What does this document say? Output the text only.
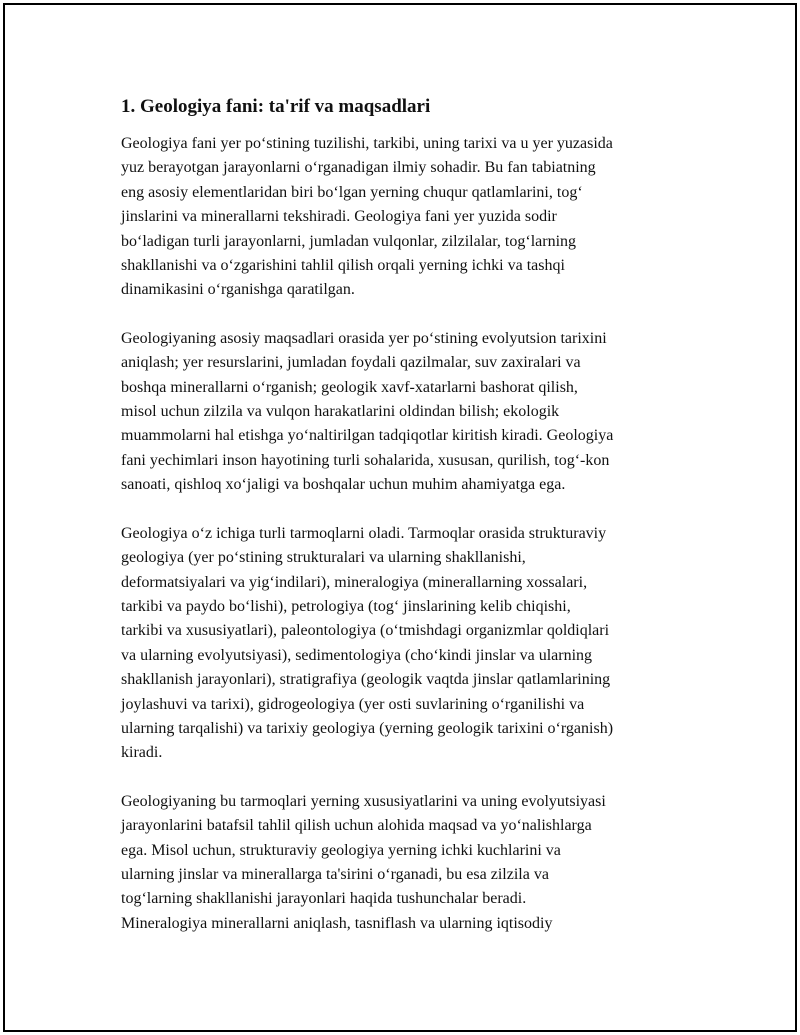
1. Geologiya fani: ta'rif va maqsadlari

Geologiya fani yer po‘stining tuzilishi, tarkibi, uning tarixi va u yer yuzasida
yuz berayotgan jarayonlarni o‘rganadigan ilmiy sohadir. Bu fan tabiatning
eng asosiy elementlaridan biri bo‘lgan yerning chuqur qatlamlarini, tog‘
jinslarini va minerallarni tekshiradi. Geologiya fani yer yuzida sodir
bo‘ladigan turli jarayonlarni, jumladan vulqonlar, zilzilalar, tog‘larning
shakllanishi va o‘zgarishini tahlil qilish orqali yerning ichki va tashqi
dinamikasini o‘rganishga qaratilgan.

Geologiyaning asosiy maqsadlari orasida yer po‘stining evolyutsion tarixini
aniqlash; yer resurslarini, jumladan foydali qazilmalar, suv zaxiralari va
boshqa minerallarni o‘rganish; geologik xavf-xatarlarni bashorat qilish,
misol uchun zilzila va vulqon harakatlarini oldindan bilish; ekologik
muammolarni hal etishga yo‘naltirilgan tadqiqotlar kiritish kiradi. Geologiya
fani yechimlari inson hayotining turli sohalarida, xususan, qurilish, tog‘-kon
sanoati, qishloq xo‘jaligi va boshqalar uchun muhim ahamiyatga ega.

Geologiya o‘z ichiga turli tarmoqlarni oladi. Tarmoqlar orasida strukturaviy
geologiya (yer po‘stining strukturalari va ularning shakllanishi,
deformatsiyalari va yig‘indilari), mineralogiya (minerallarning xossalari,
tarkibi va paydo bo‘lishi), petrologiya (tog‘ jinslarining kelib chiqishi,
tarkibi va xususiyatlari), paleontologiya (o‘tmishdagi organizmlar qoldiqlari
va ularning evolyutsiyasi), sedimentologiya (cho‘kindi jinslar va ularning
shakllanish jarayonlari), stratigrafiya (geologik vaqtda jinslar qatlamlarining
joylashuvi va tarixi), gidrogeologiya (yer osti suvlarining o‘rganilishi va
ularning tarqalishi) va tarixiy geologiya (yerning geologik tarixini o‘rganish)
kiradi.

Geologiyaning bu tarmoqlari yerning xususiyatlarini va uning evolyutsiyasi
jarayonlarini batafsil tahlil qilish uchun alohida maqsad va yo‘nalishlarga
ega. Misol uchun, strukturaviy geologiya yerning ichki kuchlarini va
ularning jinslar va minerallarga ta'sirini o‘rganadi, bu esa zilzila va
tog‘larning shakllanishi jarayonlari haqida tushunchalar beradi.
Mineralogiya minerallarni aniqlash, tasniflash va ularning iqtisodiy
